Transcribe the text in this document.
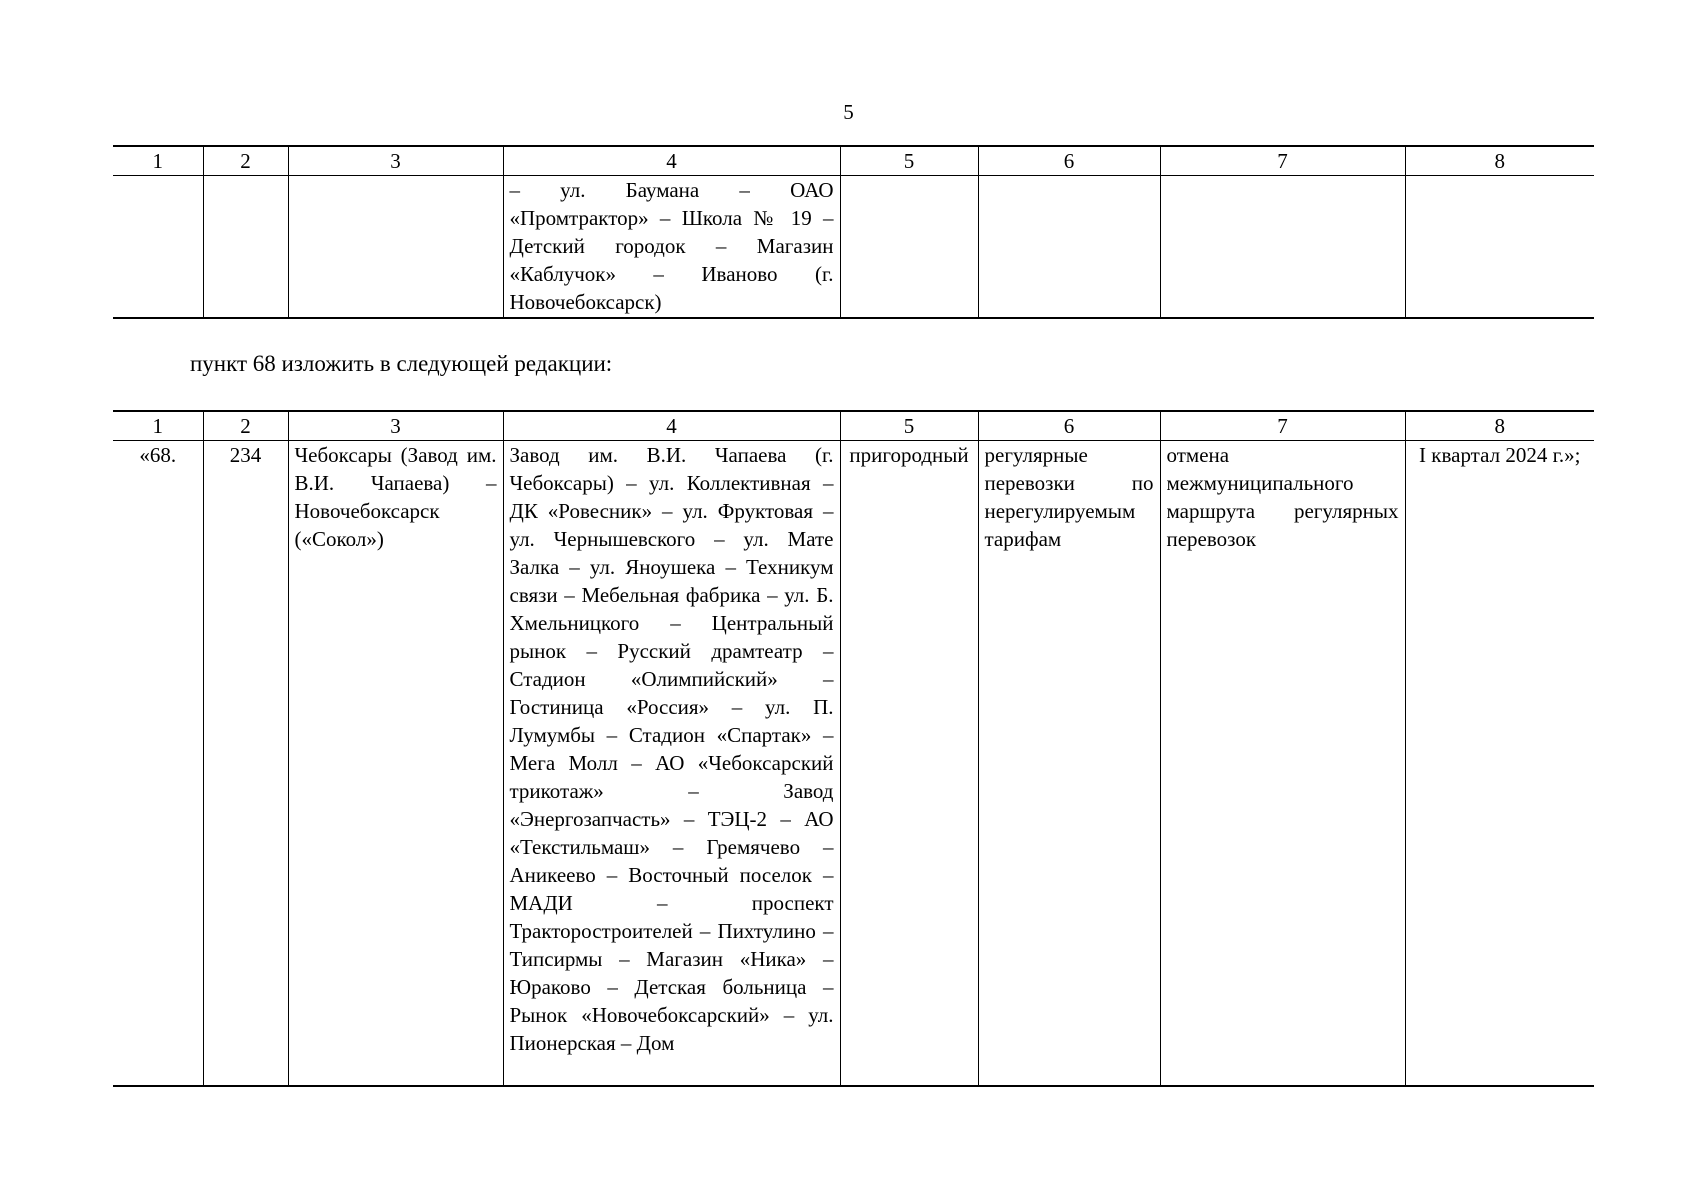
5
1	2	3	4	5	6	7	8
			– ул. Баумана – ОАО «Промтрактор» – Школа № 19 – Детский городок – Магазин «Каблучок» – Иваново (г. Новочебоксарск)				
пункт 68 изложить в следующей редакции:
1	2	3	4	5	6	7	8
«68.	234	Чебоксары (Завод им. В.И. Чапаева) – Новочебоксарск («Сокол»)	Завод им. В.И. Чапаева (г. Чебоксары) – ул. Коллективная – ДК «Ровесник» – ул. Фруктовая – ул. Чернышевского – ул. Мате Залка – ул. Яноушека – Техникум связи – Мебельная фабрика – ул. Б. Хмельницкого – Центральный рынок – Русский драмтеатр – Стадион «Олимпийский» – Гостиница «Россия» – ул. П. Лумумбы – Стадион «Спартак» – Мега Молл – АО «Чебоксарский трикотаж» – Завод «Энергозапчасть» – ТЭЦ-2 – АО «Текстильмаш» – Гремячево – Аникеево – Восточный поселок – МАДИ – проспект Тракторостроителей – Пихтулино – Типсирмы – Магазин «Ника» – Юраково – Детская больница – Рынок «Новочебоксарский» – ул. Пионерская – Дом	пригородный	регулярные перевозки по нерегулируемым тарифам	отмена межмуниципального маршрута регулярных перевозок	I квартал 2024 г.»;
